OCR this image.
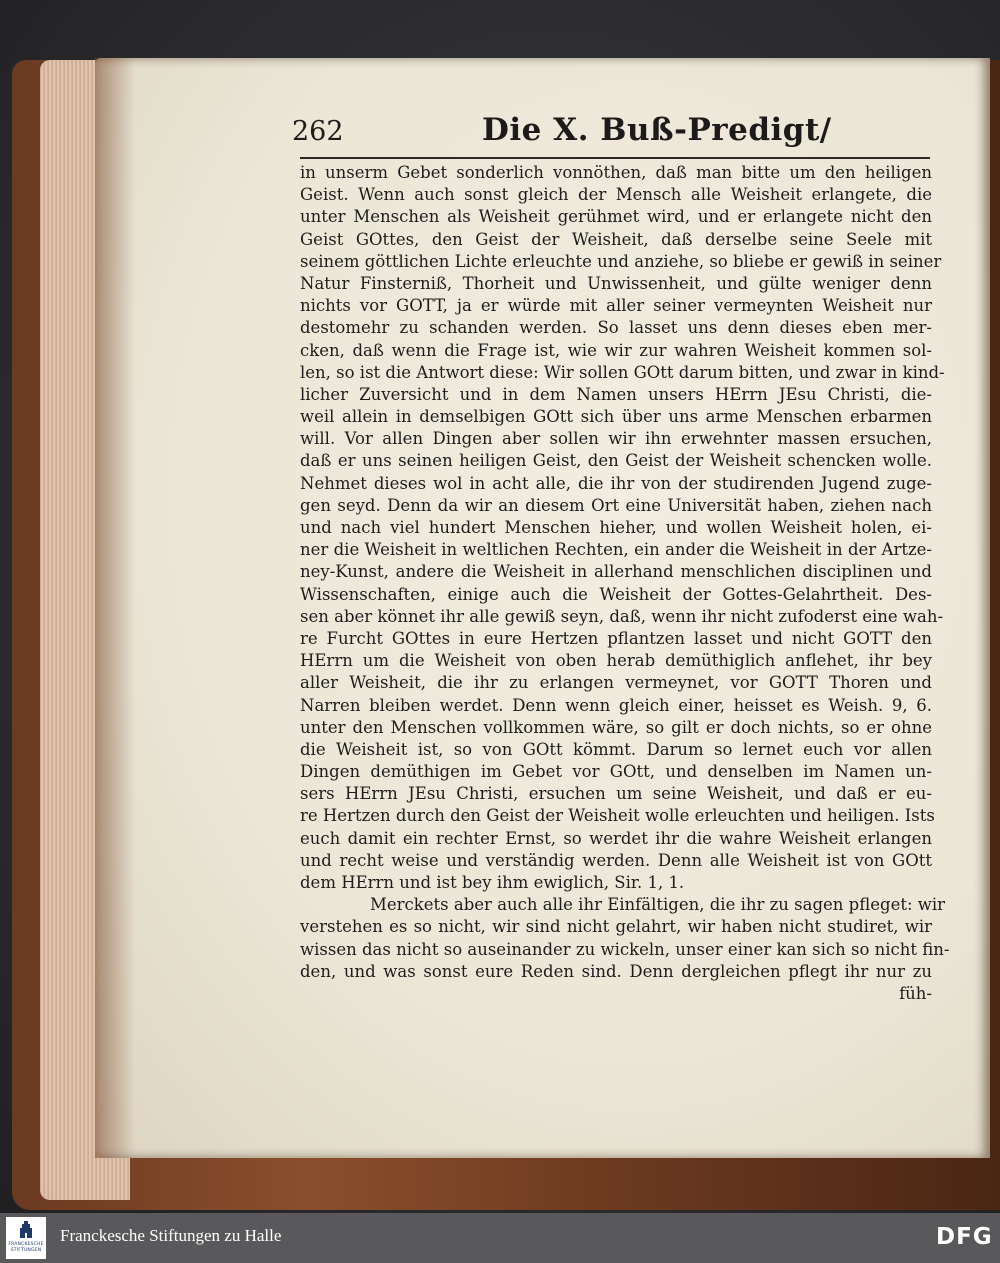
262	Die X. Buß-Predigt/
in unserm Gebet sonderlich vonnöthen, daß man bitte um den heiligen
Geist. Wenn auch sonst gleich der Mensch alle Weisheit erlangete, die
unter Menschen als Weisheit gerühmet wird, und er erlangete nicht den
Geist GOttes, den Geist der Weisheit, daß derselbe seine Seele mit
seinem göttlichen Lichte erleuchte und anziehe, so bliebe er gewiß in seiner
Natur Finsterniß, Thorheit und Unwissenheit, und gülte weniger denn
nichts vor GOTT, ja er würde mit aller seiner vermeynten Weisheit nur
destomehr zu schanden werden. So lasset uns denn dieses eben mer-
cken, daß wenn die Frage ist, wie wir zur wahren Weisheit kommen sol-
len, so ist die Antwort diese: Wir sollen GOtt darum bitten, und zwar in kind-
licher Zuversicht und in dem Namen unsers HErrn JEsu Christi, die-
weil allein in demselbigen GOtt sich über uns arme Menschen erbarmen
will. Vor allen Dingen aber sollen wir ihn erwehnter massen ersuchen,
daß er uns seinen heiligen Geist, den Geist der Weisheit schencken wolle.
Nehmet dieses wol in acht alle, die ihr von der studirenden Jugend zuge-
gen seyd. Denn da wir an diesem Ort eine Universität haben, ziehen nach
und nach viel hundert Menschen hieher, und wollen Weisheit holen, ei-
ner die Weisheit in weltlichen Rechten, ein ander die Weisheit in der Artze-
ney-Kunst, andere die Weisheit in allerhand menschlichen disciplinen und
Wissenschaften, einige auch die Weisheit der Gottes-Gelahrtheit. Des-
sen aber könnet ihr alle gewiß seyn, daß, wenn ihr nicht zufoderst eine wah-
re Furcht GOttes in eure Hertzen pflantzen lasset und nicht GOTT den
HErrn um die Weisheit von oben herab demüthiglich anflehet, ihr bey
aller Weisheit, die ihr zu erlangen vermeynet, vor GOTT Thoren und
Narren bleiben werdet. Denn wenn gleich einer, heisset es Weish. 9, 6.
unter den Menschen vollkommen wäre, so gilt er doch nichts, so er ohne
die Weisheit ist, so von GOtt kömmt. Darum so lernet euch vor allen
Dingen demüthigen im Gebet vor GOtt, und denselben im Namen un-
sers HErrn JEsu Christi, ersuchen um seine Weisheit, und daß er eu-
re Hertzen durch den Geist der Weisheit wolle erleuchten und heiligen. Ists
euch damit ein rechter Ernst, so werdet ihr die wahre Weisheit erlangen
und recht weise und verständig werden. Denn alle Weisheit ist von GOtt
dem HErrn und ist bey ihm ewiglich, Sir. 1, 1.
Merckets aber auch alle ihr Einfältigen, die ihr zu sagen pfleget: wir
verstehen es so nicht, wir sind nicht gelahrt, wir haben nicht studiret, wir
wissen das nicht so auseinander zu wickeln, unser einer kan sich so nicht fin-
den, und was sonst eure Reden sind. Denn dergleichen pflegt ihr nur zu
füh-
FRANCKESCHE
STIFTUNGEN
Franckesche Stiftungen zu Halle	DFG
